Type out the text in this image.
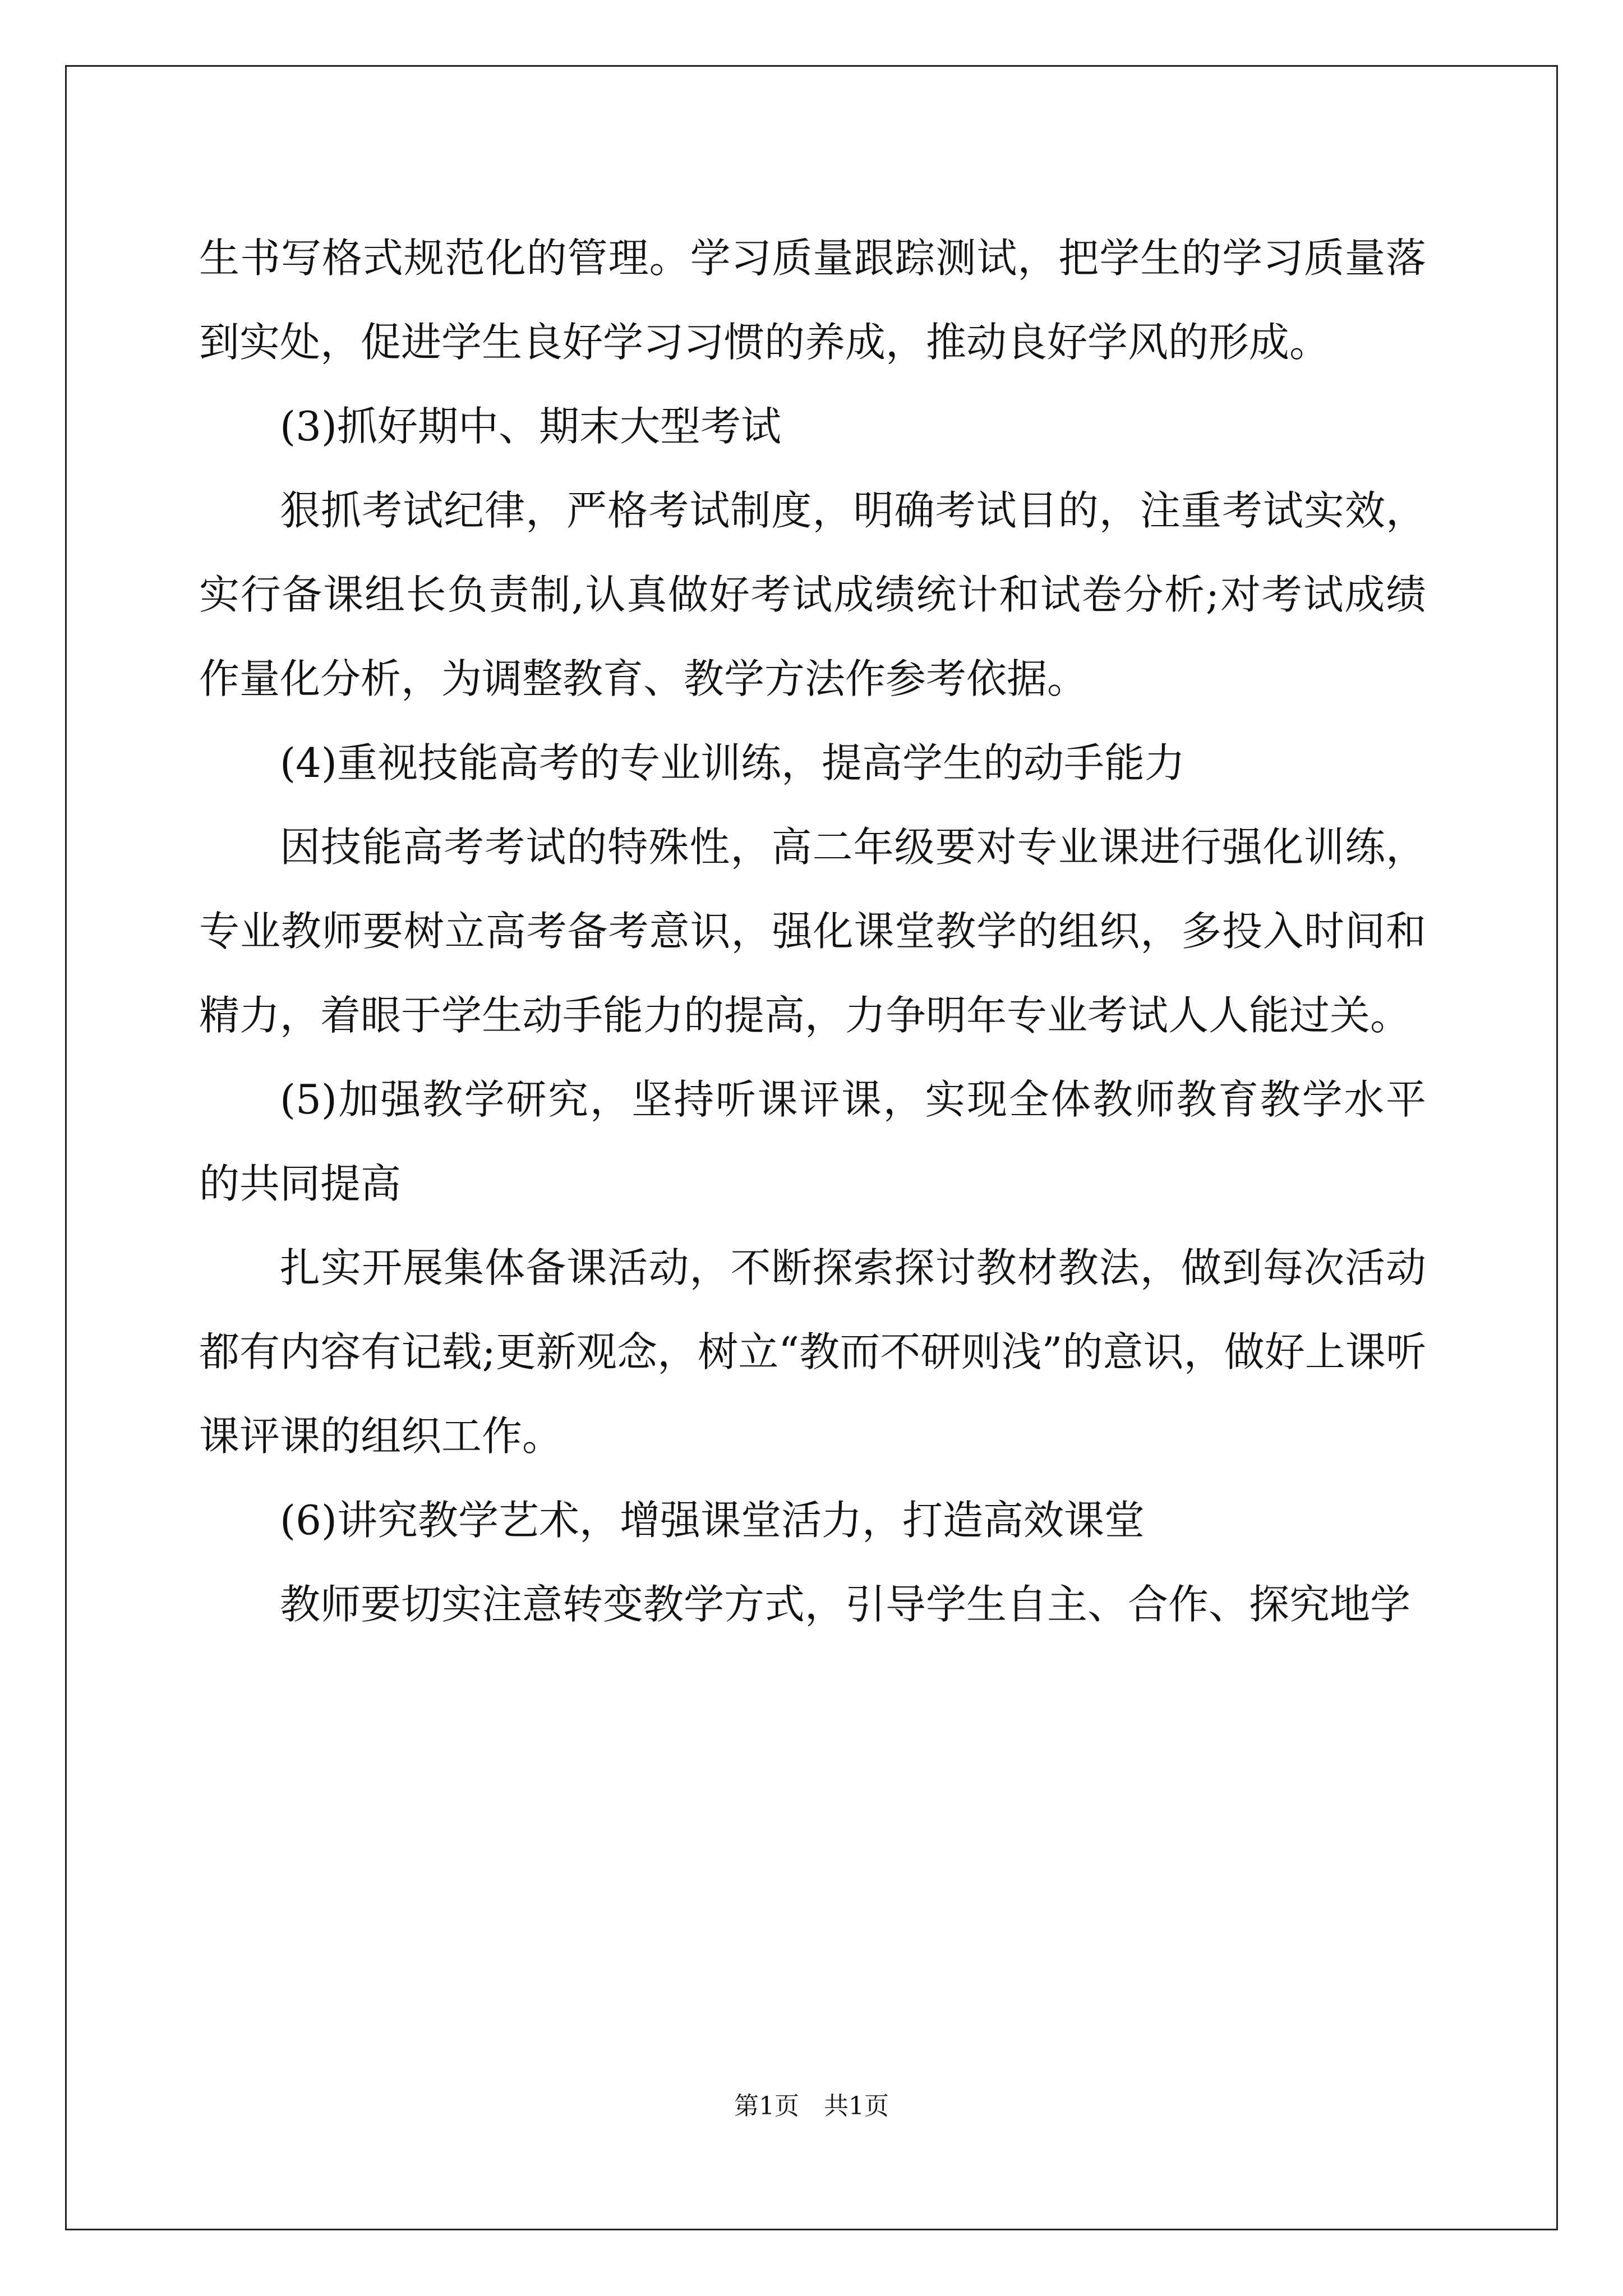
生书写格式规范化的管理。学习质量跟踪测试，把学生的学习质量落到实处，促进学生良好学习习惯的养成，推动良好学风的形成。

(3)抓好期中、期末大型考试

狠抓考试纪律，严格考试制度，明确考试目的，注重考试实效，实行备课组长负责制,认真做好考试成绩统计和试卷分析;对考试成绩作量化分析，为调整教育、教学方法作参考依据。

(4)重视技能高考的专业训练，提高学生的动手能力

因技能高考考试的特殊性，高二年级要对专业课进行强化训练，专业教师要树立高考备考意识，强化课堂教学的组织，多投入时间和精力，着眼于学生动手能力的提高，力争明年专业考试人人能过关。

(5)加强教学研究，坚持听课评课，实现全体教师教育教学水平的共同提高

扎实开展集体备课活动，不断探索探讨教材教法，做到每次活动都有内容有记载;更新观念，树立“教而不研则浅”的意识，做好上课听课评课的组织工作。

(6)讲究教学艺术，增强课堂活力，打造高效课堂

教师要切实注意转变教学方式，引导学生自主、合作、探究地学

第1页　共1页
